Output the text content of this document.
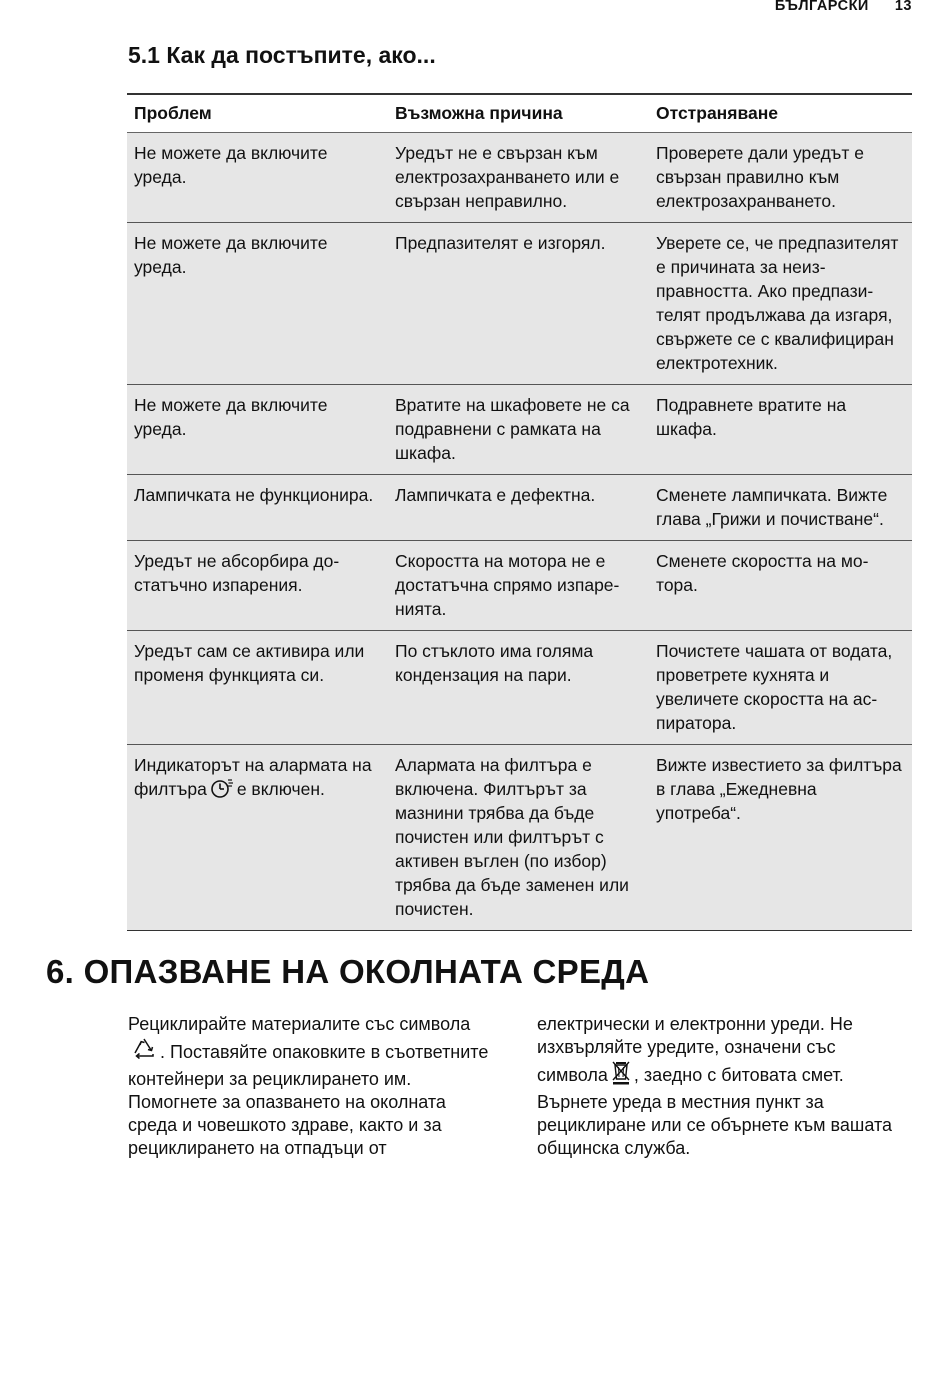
БЪЛГАРСКИ 13
5.1 Как да постъпите, ако...
Проблем	Възможна причина	Отстраняване
Не можете да включите уреда.	Уредът не е свързан към електрозахранването или е свързан неправилно.	Проверете дали уредът е свързан правилно към електрозахранването.
Не можете да включите уреда.	Предпазителят е изгорял.	Уверете се, че предпазителят е причината за неизправността. Ако предпазителят продължава да изгаря, свържете се с квалифициран електротехник.
Не можете да включите уреда.	Вратите на шкафовете не са подравнени с рамката на шкафа.	Подравнете вратите на шкафа.
Лампичката не функционира.	Лампичката е дефектна.	Сменете лампичката. Вижте глава „Грижи и почистване“.
Уредът не абсорбира достатъчно изпарения.	Скоростта на мотора не е достатъчна спрямо изпаренията.	Сменете скоростта на мотора.
Уредът сам се активира или променя функцията си.	По стъклото има голяма кондензация на пари.	Почистете чашата от водата, проветрете кухнята и увеличете скоростта на аспиратора.
Индикаторът на алармата на филтъра е включен.	Алармата на филтъра е включена. Филтърът за мазнини трябва да бъде почистен или филтърът с активен въглен (по избор) трябва да бъде заменен или почистен.	Вижте известието за филтъра в глава „Ежедневна употреба“.
6. ОПАЗВАНЕ НА ОКОЛНАТА СРЕДА

Рециклирайте материалите със символа . Поставяйте опаковките в съответните контейнери за рециклирането им. Помогнете за опазването на околната среда и човешкото здраве, както и за рециклирането на отпадъци от

електрически и електронни уреди. Не изхвърляйте уредите, означени със символа , заедно с битовата смет. Върнете уреда в местния пункт за рециклиране или се обърнете към вашата общинска служба.
